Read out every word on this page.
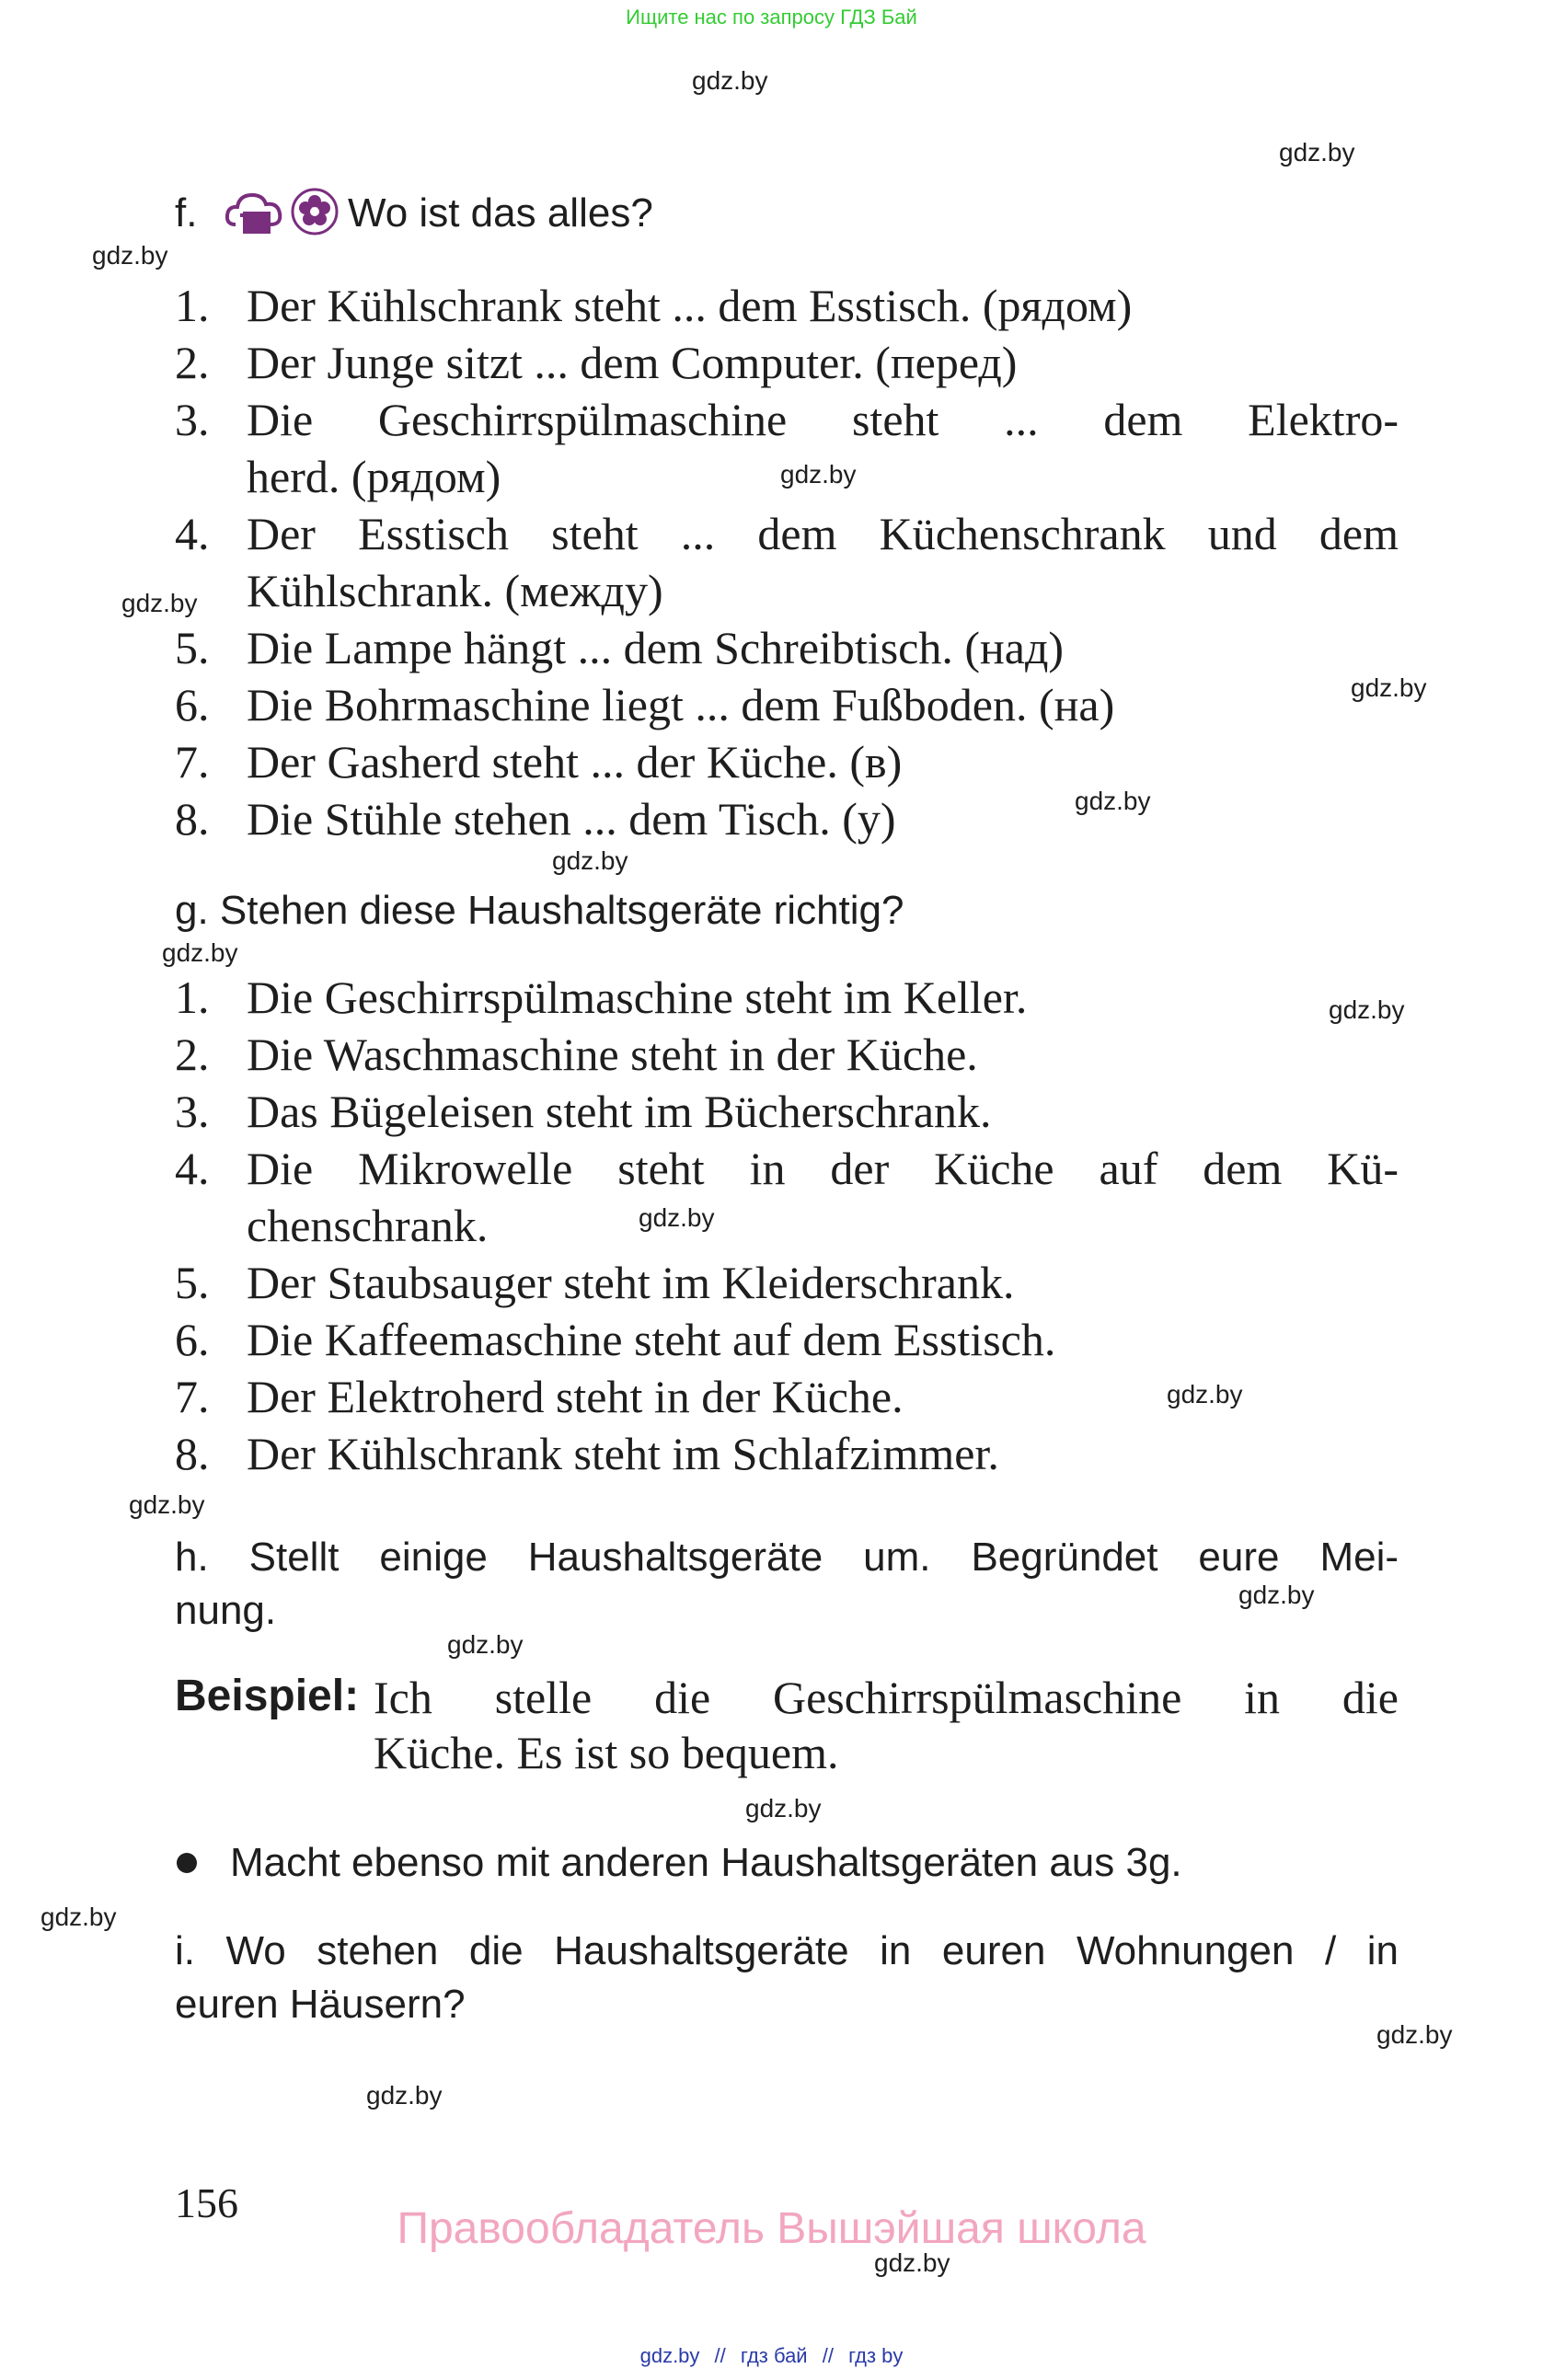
Ищите нас по запросу ГДЗ Бай
gdz.by
gdz.by
gdz.by
gdz.by
gdz.by
gdz.by
gdz.by
gdz.by
gdz.by
gdz.by
gdz.by
gdz.by
gdz.by
gdz.by
gdz.by
gdz.by
gdz.by
gdz.by
gdz.by
gdz.by
f.	Wo ist das alles?
1. Der Kühlschrank steht ... dem Esstisch. (рядом)
2. Der Junge sitzt ... dem Computer. (перед)
3. Die Geschirrspülmaschine steht ... dem Elektro-
herd. (рядом)
4. Der Esstisch steht ... dem Küchenschrank und dem
Kühlschrank. (между)
5. Die Lampe hängt ... dem Schreibtisch. (над)
6. Die Bohrmaschine liegt ... dem Fußboden. (на)
7. Der Gasherd steht ... der Küche. (в)
8. Die Stühle stehen ... dem Tisch. (у)
g. Stehen diese Haushaltsgeräte richtig?
1. Die Geschirrspülmaschine steht im Keller.
2. Die Waschmaschine steht in der Küche.
3. Das Bügeleisen steht im Bücherschrank.
4. Die Mikrowelle steht in der Küche auf dem Kü-
chenschrank.
5. Der Staubsauger steht im Kleiderschrank.
6. Die Kaffeemaschine steht auf dem Esstisch.
7. Der Elektroherd steht in der Küche.
8. Der Kühlschrank steht im Schlafzimmer.
h. Stellt einige Haushaltsgeräte um. Begründet eure Mei-
nung.
Beispiel: Ich stelle die Geschirrspülmaschine in die
Küche. Es ist so bequem.
Macht ebenso mit anderen Haushaltsgeräten aus 3g.
i. Wo stehen die Haushaltsgeräte in euren Wohnungen / in
euren Häusern?
156
Правообладатель Вышэйшая школа
gdz.by // гдз бай // гдз by
